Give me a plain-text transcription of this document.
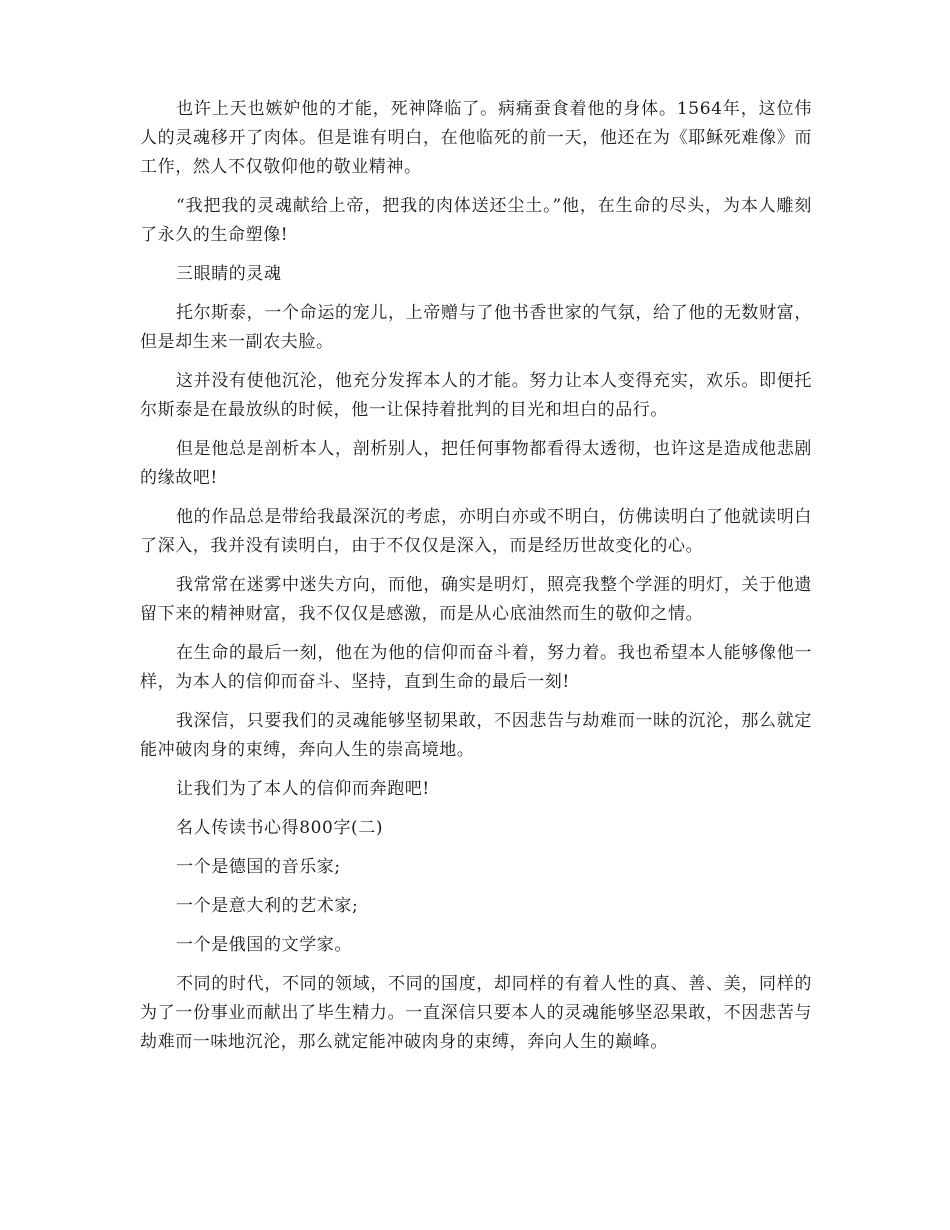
也许上天也嫉妒他的才能，死神降临了。病痛蚕食着他的身体。1564年，这位伟人的灵魂移开了肉体。但是谁有明白，在他临死的前一天，他还在为《耶稣死难像》而工作，然人不仅敬仰他的敬业精神。

“我把我的灵魂献给上帝，把我的肉体送还尘土。”他，在生命的尽头，为本人雕刻了永久的生命塑像!

三眼睛的灵魂

托尔斯泰，一个命运的宠儿，上帝赠与了他书香世家的气氛，给了他的无数财富，但是却生来一副农夫脸。

这并没有使他沉沦，他充分发挥本人的才能。努力让本人变得充实，欢乐。即便托尔斯泰是在最放纵的时候，他一让保持着批判的目光和坦白的品行。

但是他总是剖析本人，剖析别人，把任何事物都看得太透彻，也许这是造成他悲剧的缘故吧!

他的作品总是带给我最深沉的考虑，亦明白亦或不明白，仿佛读明白了他就读明白了深入，我并没有读明白，由于不仅仅是深入，而是经历世故变化的心。

我常常在迷雾中迷失方向，而他，确实是明灯，照亮我整个学涯的明灯，关于他遗留下来的精神财富，我不仅仅是感激，而是从心底油然而生的敬仰之情。

在生命的最后一刻，他在为他的信仰而奋斗着，努力着。我也希望本人能够像他一样，为本人的信仰而奋斗、坚持，直到生命的最后一刻!

我深信，只要我们的灵魂能够坚韧果敢，不因悲告与劫难而一昧的沉沦，那么就定能冲破肉身的束缚，奔向人生的崇高境地。

让我们为了本人的信仰而奔跑吧!

名人传读书心得800字(二)

一个是德国的音乐家;

一个是意大利的艺术家;

一个是俄国的文学家。

不同的时代，不同的领域，不同的国度，却同样的有着人性的真、善、美，同样的为了一份事业而献出了毕生精力。一直深信只要本人的灵魂能够坚忍果敢，不因悲苦与劫难而一味地沉沦，那么就定能冲破肉身的束缚，奔向人生的巅峰。
